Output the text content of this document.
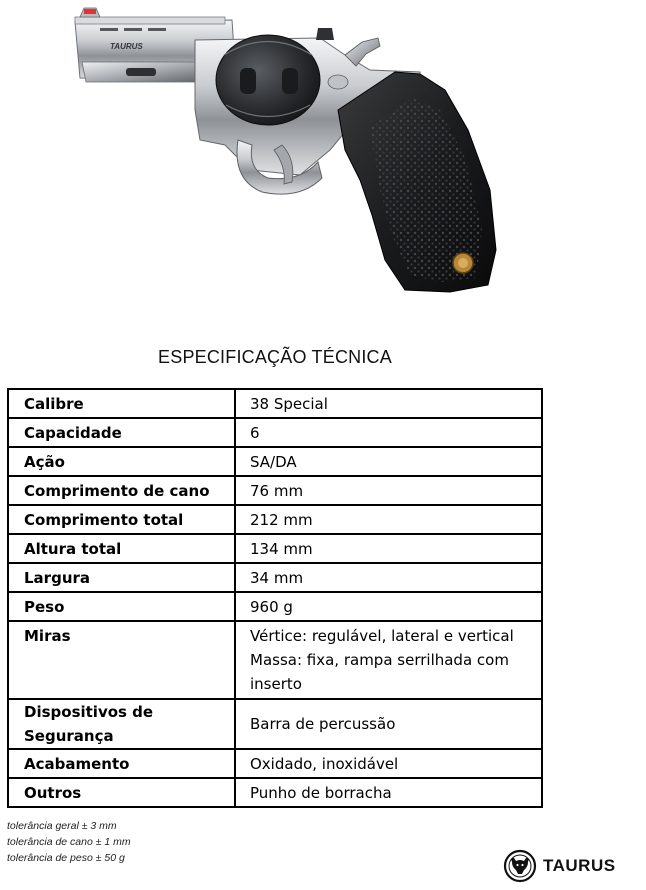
TAURUS
ESPECIFICAÇÃO TÉCNICA
Calibre	38 Special

Capacidade	6

Ação	SA/DA

Comprimento de cano	76 mm

Comprimento total	212 mm

Altura total	134 mm

Largura	34 mm

Peso	960 g

Miras	Vértice: regulável, lateral e vertical
Massa: fixa, rampa serrilhada com
inserto

Dispositivos de Segurança	Barra de percussão

Acabamento	Oxidado, inoxidável

Outros	Punho de borracha
tolerância geral ± 3 mm
tolerância de cano ± 1 mm
tolerância de peso ± 50 g	TAURUS
